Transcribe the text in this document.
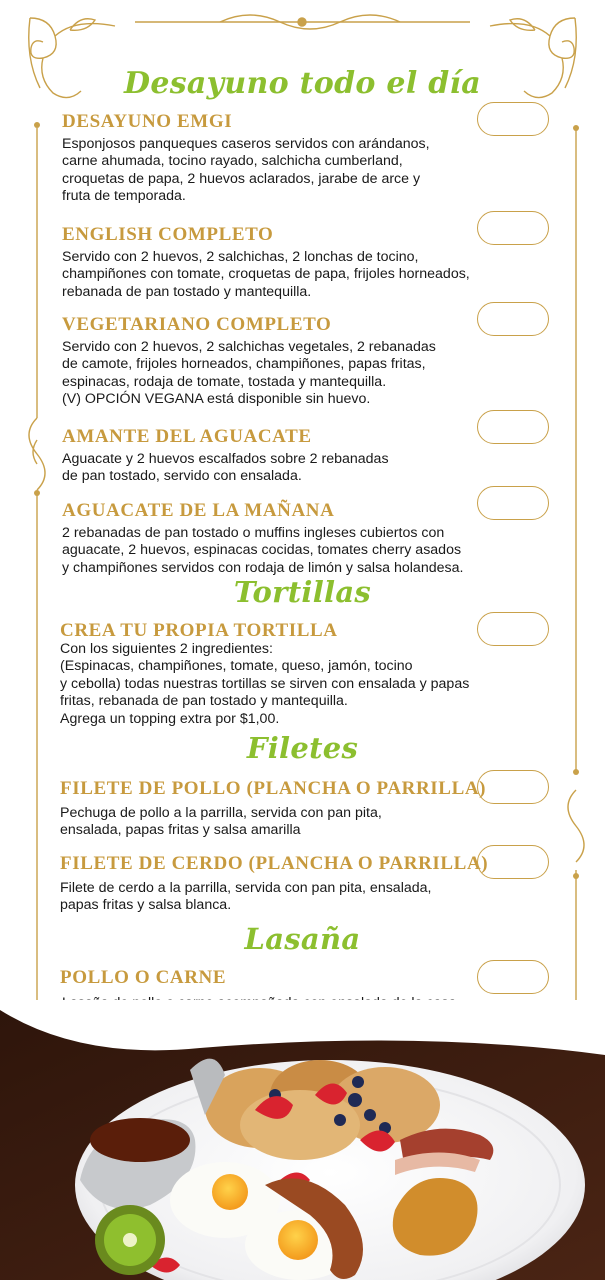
Desayuno todo el día
DESAYUNO EMGI
Esponjosos panqueques caseros servidos con arándanos,
carne ahumada, tocino rayado, salchicha cumberland,
croquetas de papa, 2 huevos aclarados, jarabe de arce y
fruta de temporada.
ENGLISH COMPLETO
Servido con 2 huevos, 2 salchichas, 2 lonchas de tocino,
champiñones con tomate, croquetas de papa, frijoles horneados,
rebanada de pan tostado y mantequilla.
VEGETARIANO COMPLETO
Servido con 2 huevos, 2 salchichas vegetales, 2 rebanadas
de camote, frijoles horneados, champiñones, papas fritas,
espinacas, rodaja de tomate, tostada y mantequilla.
(V) OPCIÓN VEGANA está disponible sin huevo.
AMANTE DEL AGUACATE
Aguacate y 2 huevos escalfados sobre 2 rebanadas
de pan tostado, servido con ensalada.
AGUACATE DE LA MAÑANA
2 rebanadas de pan tostado o muffins ingleses cubiertos con
aguacate, 2 huevos, espinacas cocidas, tomates cherry asados
y champiñones servidos con rodaja de limón y salsa holandesa.
Tortillas
CREA TU PROPIA TORTILLA
Con los siguientes 2 ingredientes:
(Espinacas, champiñones, tomate, queso, jamón, tocino
y cebolla) todas nuestras tortillas se sirven con ensalada y papas
fritas, rebanada de pan tostado y mantequilla.
Agrega un topping extra por $1,00.
Filetes
FILETE DE POLLO (PLANCHA O PARRILLA)
Pechuga de pollo a la parrilla, servida con pan pita,
ensalada, papas fritas y salsa amarilla
FILETE DE CERDO (PLANCHA O PARRILLA)
Filete de cerdo a la parrilla, servida con pan pita, ensalada,
papas fritas y salsa blanca.
Lasaña
POLLO O CARNE
